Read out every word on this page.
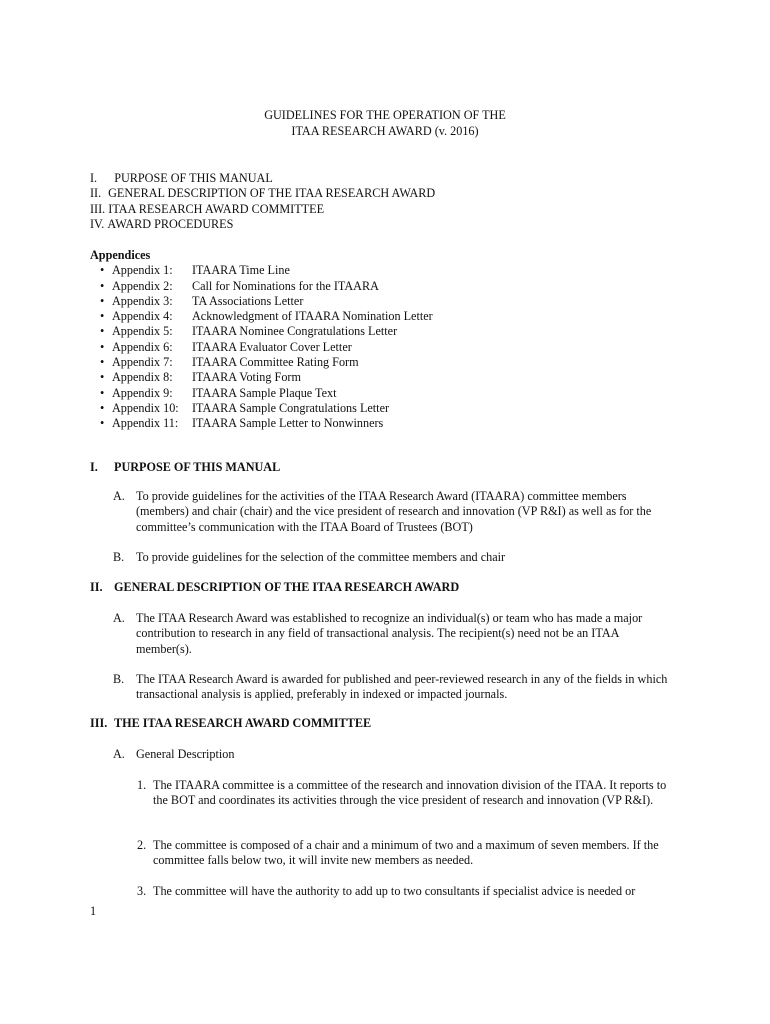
GUIDELINES FOR THE OPERATION OF THE
ITAA RESEARCH AWARD (v. 2016)
I. PURPOSE OF THIS MANUAL
II. GENERAL DESCRIPTION OF THE ITAA RESEARCH AWARD
III. ITAA RESEARCH AWARD COMMITTEE
IV. AWARD PROCEDURES
Appendices
• Appendix 1: ITAARA Time Line
• Appendix 2: Call for Nominations for the ITAARA
• Appendix 3: TA Associations Letter
• Appendix 4: Acknowledgment of ITAARA Nomination Letter
• Appendix 5: ITAARA Nominee Congratulations Letter
• Appendix 6: ITAARA Evaluator Cover Letter
• Appendix 7: ITAARA Committee Rating Form
• Appendix 8: ITAARA Voting Form
• Appendix 9: ITAARA Sample Plaque Text
• Appendix 10: ITAARA Sample Congratulations Letter
• Appendix 11: ITAARA Sample Letter to Nonwinners
I. PURPOSE OF THIS MANUAL
A. To provide guidelines for the activities of the ITAA Research Award (ITAARA) committee members (members) and chair (chair) and the vice president of research and innovation (VP R&I) as well as for the committee’s communication with the ITAA Board of Trustees (BOT)
B. To provide guidelines for the selection of the committee members and chair
II. GENERAL DESCRIPTION OF THE ITAA RESEARCH AWARD
A. The ITAA Research Award was established to recognize an individual(s) or team who has made a major contribution to research in any field of transactional analysis. The recipient(s) need not be an ITAA member(s).
B. The ITAA Research Award is awarded for published and peer-reviewed research in any of the fields in which transactional analysis is applied, preferably in indexed or impacted journals.
III. THE ITAA RESEARCH AWARD COMMITTEE
A. General Description
1. The ITAARA committee is a committee of the research and innovation division of the ITAA. It reports to the BOT and coordinates its activities through the vice president of research and innovation (VP R&I).
2. The committee is composed of a chair and a minimum of two and a maximum of seven members. If the committee falls below two, it will invite new members as needed.
3. The committee will have the authority to add up to two consultants if specialist advice is needed or
1
